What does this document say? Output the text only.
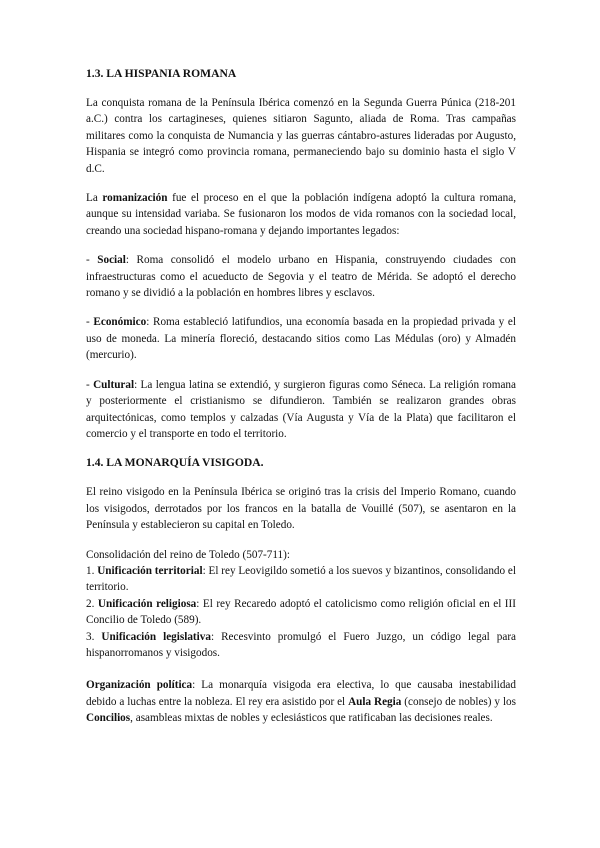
1.3. LA HISPANIA ROMANA

La conquista romana de la Península Ibérica comenzó en la Segunda Guerra Púnica (218-201 a.C.) contra los cartagineses, quienes sitiaron Sagunto, aliada de Roma. Tras campañas militares como la conquista de Numancia y las guerras cántabro-astures lideradas por Augusto, Hispania se integró como provincia romana, permaneciendo bajo su dominio hasta el siglo V d.C.

La romanización fue el proceso en el que la población indígena adoptó la cultura romana, aunque su intensidad variaba. Se fusionaron los modos de vida romanos con la sociedad local, creando una sociedad hispano-romana y dejando importantes legados:

- Social: Roma consolidó el modelo urbano en Hispania, construyendo ciudades con infraestructuras como el acueducto de Segovia y el teatro de Mérida. Se adoptó el derecho romano y se dividió a la población en hombres libres y esclavos.

- Económico: Roma estableció latifundios, una economía basada en la propiedad privada y el uso de moneda. La minería floreció, destacando sitios como Las Médulas (oro) y Almadén (mercurio).

- Cultural: La lengua latina se extendió, y surgieron figuras como Séneca. La religión romana y posteriormente el cristianismo se difundieron. También se realizaron grandes obras arquitectónicas, como templos y calzadas (Vía Augusta y Vía de la Plata) que facilitaron el comercio y el transporte en todo el territorio.

1.4. LA MONARQUÍA VISIGODA.

El reino visigodo en la Península Ibérica se originó tras la crisis del Imperio Romano, cuando los visigodos, derrotados por los francos en la batalla de Vouillé (507), se asentaron en la Península y establecieron su capital en Toledo.

Consolidación del reino de Toledo (507-711):

1. Unificación territorial: El rey Leovigildo sometió a los suevos y bizantinos, consolidando el territorio.

2. Unificación religiosa: El rey Recaredo adoptó el catolicismo como religión oficial en el III Concilio de Toledo (589).

3. Unificación legislativa: Recesvinto promulgó el Fuero Juzgo, un código legal para hispanorromanos y visigodos.

Organización política: La monarquía visigoda era electiva, lo que causaba inestabilidad debido a luchas entre la nobleza. El rey era asistido por el Aula Regia (consejo de nobles) y los Concilios, asambleas mixtas de nobles y eclesiásticos que ratificaban las decisiones reales.
